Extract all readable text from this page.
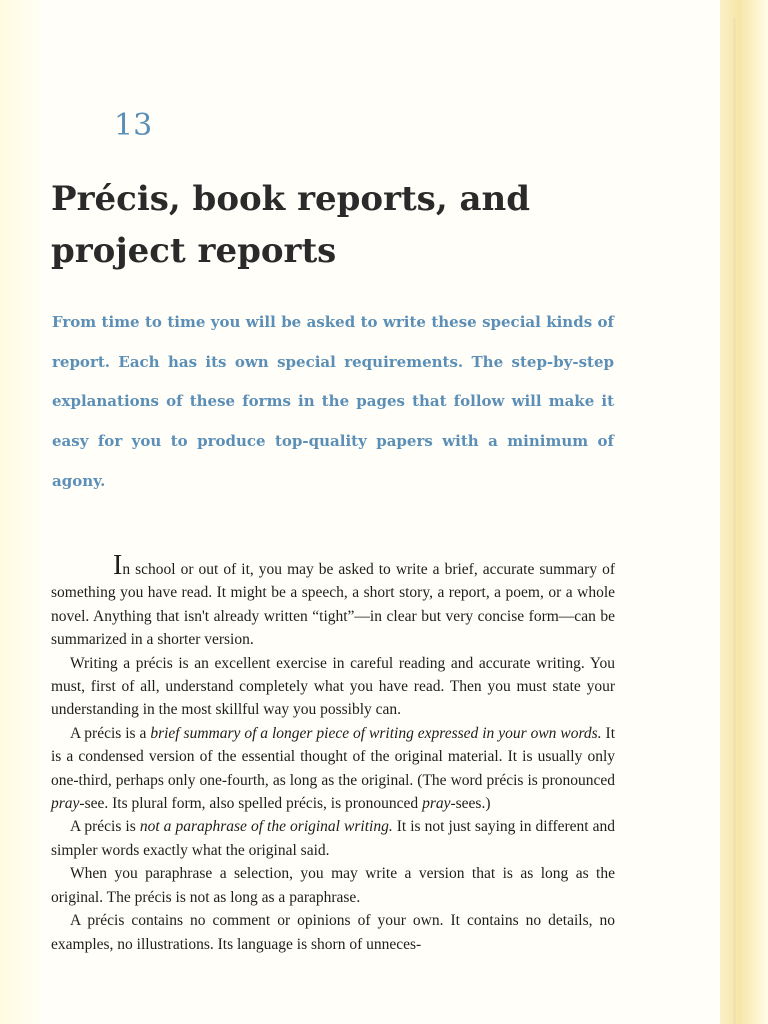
13
Précis, book reports, and project reports

From time to time you will be asked to write these special kinds of report. Each has its own special requirements. The step-by-step explanations of these forms in the pages that follow will make it easy for you to produce top-quality papers with a minimum of agony.

In school or out of it, you may be asked to write a brief, accurate summary of something you have read. It might be a speech, a short story, a report, a poem, or a whole novel. Anything that isn't already written “tight”—in clear but very concise form—can be summarized in a shorter version.

Writing a précis is an excellent exercise in careful reading and accurate writing. You must, first of all, understand completely what you have read. Then you must state your understanding in the most skillful way you possibly can.

A précis is a brief summary of a longer piece of writing expressed in your own words. It is a condensed version of the essential thought of the original material. It is usually only one-third, perhaps only one-fourth, as long as the original. (The word précis is pronounced pray-see. Its plural form, also spelled précis, is pronounced pray-sees.)

A précis is not a paraphrase of the original writing. It is not just saying in different and simpler words exactly what the original said.

When you paraphrase a selection, you may write a version that is as long as the original. The précis is not as long as a paraphrase.

A précis contains no comment or opinions of your own. It contains no details, no examples, no illustrations. Its language is shorn of unneces-
